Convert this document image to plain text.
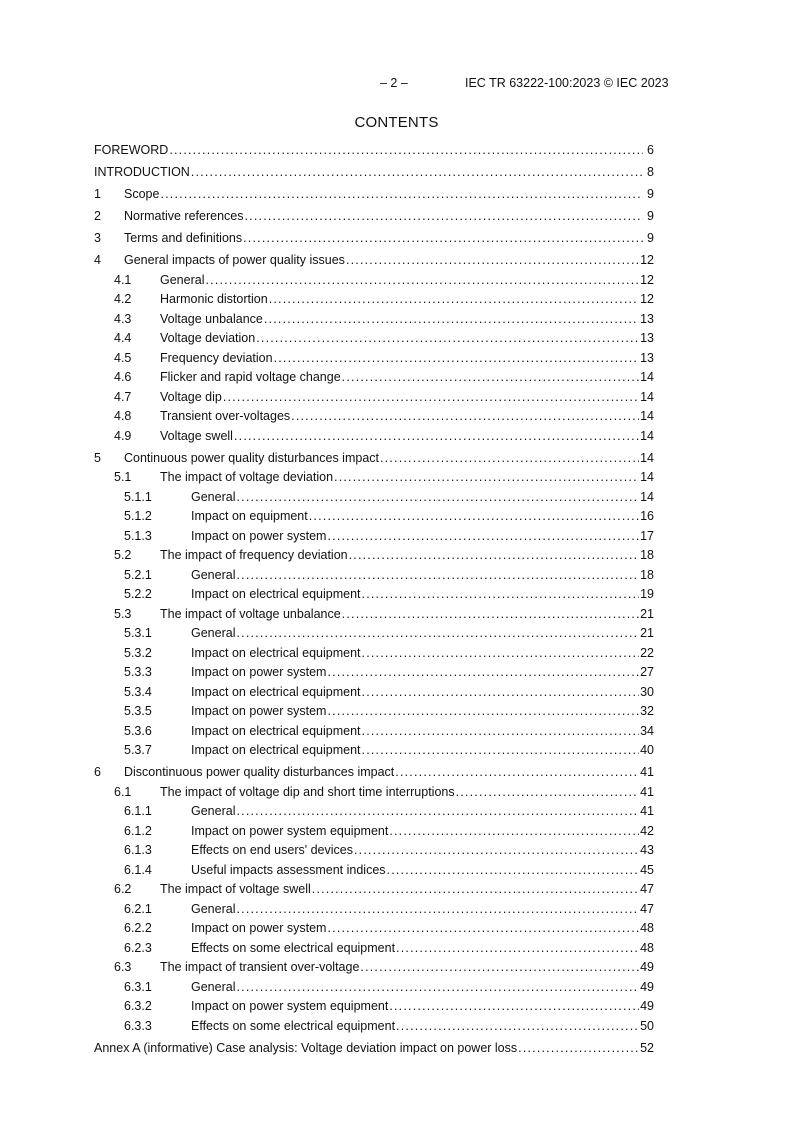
– 2 –	IEC TR 63222-100:2023 © IEC 2023
CONTENTS
FOREWORD .....	6
INTRODUCTION .....	8
1	Scope .....	9
2	Normative references .....	9
3	Terms and definitions .....	9
4	General impacts of power quality issues .....	12
4.1	General .....	12
4.2	Harmonic distortion .....	12
4.3	Voltage unbalance .....	13
4.4	Voltage deviation .....	13
4.5	Frequency deviation .....	13
4.6	Flicker and rapid voltage change .....	14
4.7	Voltage dip .....	14
4.8	Transient over-voltages .....	14
4.9	Voltage swell .....	14
5	Continuous power quality disturbances impact .....	14
5.1	The impact of voltage deviation .....	14
5.1.1	General .....	14
5.1.2	Impact on equipment .....	16
5.1.3	Impact on power system .....	17
5.2	The impact of frequency deviation .....	18
5.2.1	General .....	18
5.2.2	Impact on electrical equipment .....	19
5.3	The impact of voltage unbalance .....	21
5.3.1	General .....	21
5.3.2	Impact on electrical equipment .....	22
5.3.3	Impact on power system .....	27
5.3.4	Impact on electrical equipment .....	30
5.3.5	Impact on power system .....	32
5.3.6	Impact on electrical equipment .....	34
5.3.7	Impact on electrical equipment .....	40
6	Discontinuous power quality disturbances impact .....	41
6.1	The impact of voltage dip and short time interruptions .....	41
6.1.1	General .....	41
6.1.2	Impact on power system equipment .....	42
6.1.3	Effects on end users' devices .....	43
6.1.4	Useful impacts assessment indices .....	45
6.2	The impact of voltage swell .....	47
6.2.1	General .....	47
6.2.2	Impact on power system .....	48
6.2.3	Effects on some electrical equipment .....	48
6.3	The impact of transient over-voltage .....	49
6.3.1	General .....	49
6.3.2	Impact on power system equipment .....	49
6.3.3	Effects on some electrical equipment .....	50
Annex A (informative) Case analysis: Voltage deviation impact on power loss .....	52
